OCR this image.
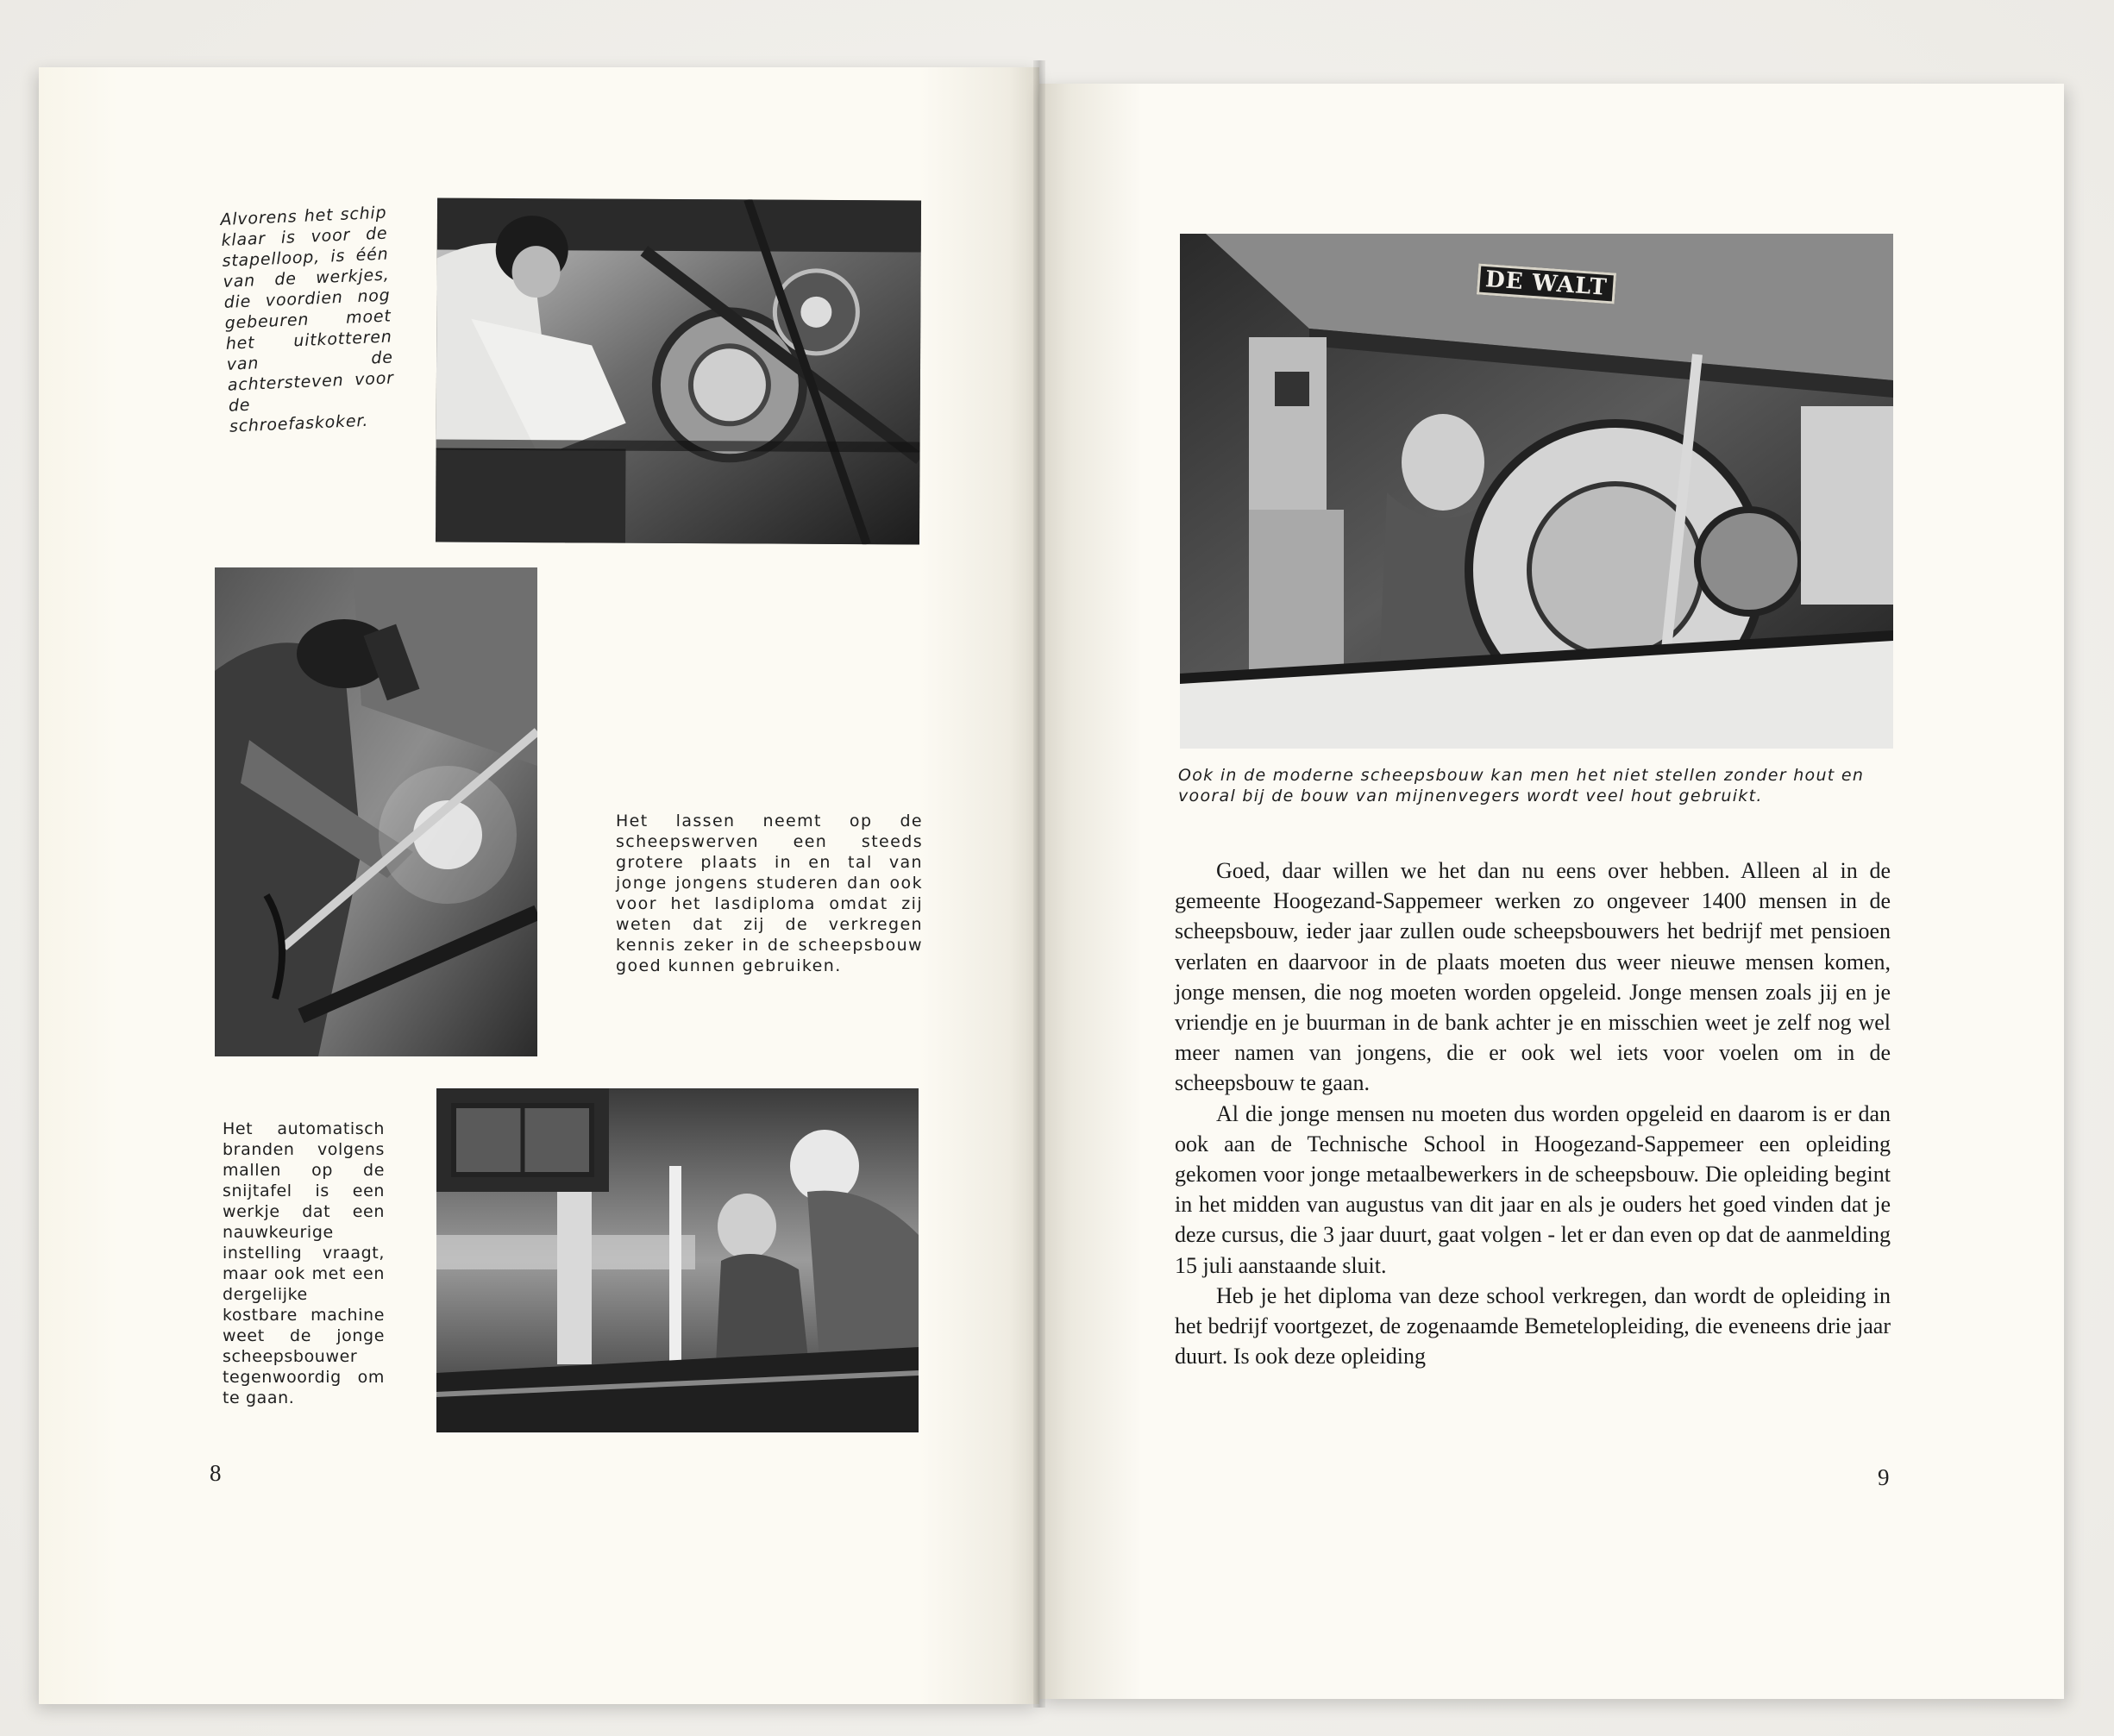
Alvorens het schip klaar is voor de stapelloop, is één van de werkjes, die voordien nog gebeuren moet het uitkotteren van de achtersteven voor de schroefaskoker.

Het lassen neemt op de scheepswerven een steeds grotere plaats in en tal van jonge jongens studeren dan ook voor het lasdiploma omdat zij weten dat zij de verkregen kennis zeker in de scheepsbouw goed kunnen gebruiken.

Het automatisch branden volgens mallen op de snijtafel is een werkje dat een nauwkeurige instelling vraagt, maar ook met een dergelijke kostbare machine weet de jonge scheepsbouwer tegenwoordig om te gaan.

8
DE WALT

Ook in de moderne scheepsbouw kan men het niet stellen zonder hout en vooral bij de bouw van mijnenvegers wordt veel hout gebruikt.

Goed, daar willen we het dan nu eens over hebben. Alleen al in de gemeente Hoogezand-Sappemeer werken zo ongeveer 1400 mensen in de scheepsbouw, ieder jaar zullen oude scheepsbouwers het bedrijf met pensioen verlaten en daarvoor in de plaats moeten dus weer nieuwe mensen komen, jonge mensen, die nog moeten worden opgeleid. Jonge mensen zoals jij en je vriendje en je buurman in de bank achter je en misschien weet je zelf nog wel meer namen van jongens, die er ook wel iets voor voelen om in de scheepsbouw te gaan.

Al die jonge mensen nu moeten dus worden opgeleid en daarom is er dan ook aan de Technische School in Hoogezand-Sappemeer een opleiding gekomen voor jonge metaalbewerkers in de scheepsbouw. Die opleiding begint in het midden van augustus van dit jaar en als je ouders het goed vinden dat je deze cursus, die 3 jaar duurt, gaat volgen - let er dan even op dat de aanmelding 15 juli aanstaande sluit.

Heb je het diploma van deze school verkregen, dan wordt de opleiding in het bedrijf voortgezet, de zogenaamde Bemetelopleiding, die eveneens drie jaar duurt. Is ook deze opleiding

9
